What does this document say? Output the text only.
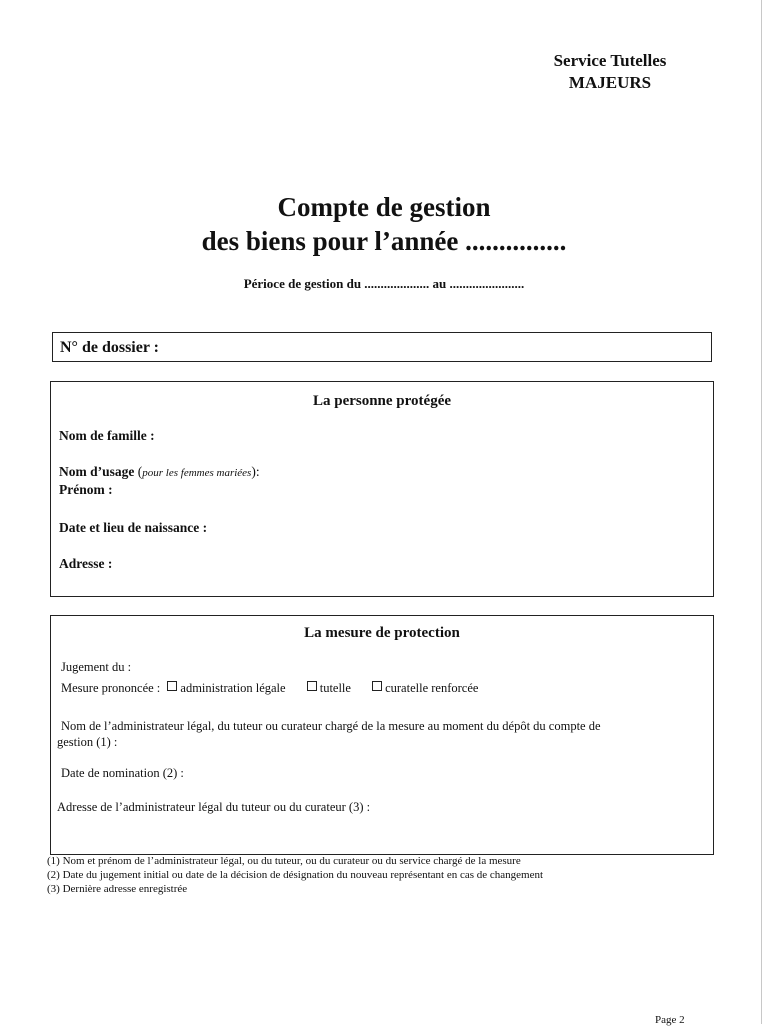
Service Tutelles
MAJEURS
Compte de gestion
des biens pour l’année ...............
Périoce de gestion du .................... au .......................
N° de dossier :
La personne protégée
Nom de famille :
Nom d’usage (pour les femmes mariées):
Prénom :
Date et lieu de naissance :
Adresse :
La mesure de protection
Jugement du :
Mesure prononcée : administration légale	tutelle	curatelle renforcée
Nom de l’administrateur légal, du tuteur ou curateur chargé de la mesure au moment du dépôt du compte de
gestion (1) :
Date de nomination (2) :
Adresse de l’administrateur légal du tuteur ou du curateur (3) :
(1) Nom et prénom de l’administrateur légal, ou du tuteur, ou du curateur ou du service chargé de la mesure
(2) Date du jugement initial ou date de la décision de désignation du nouveau représentant en cas de changement
(3) Dernière adresse enregistrée
Page 2
